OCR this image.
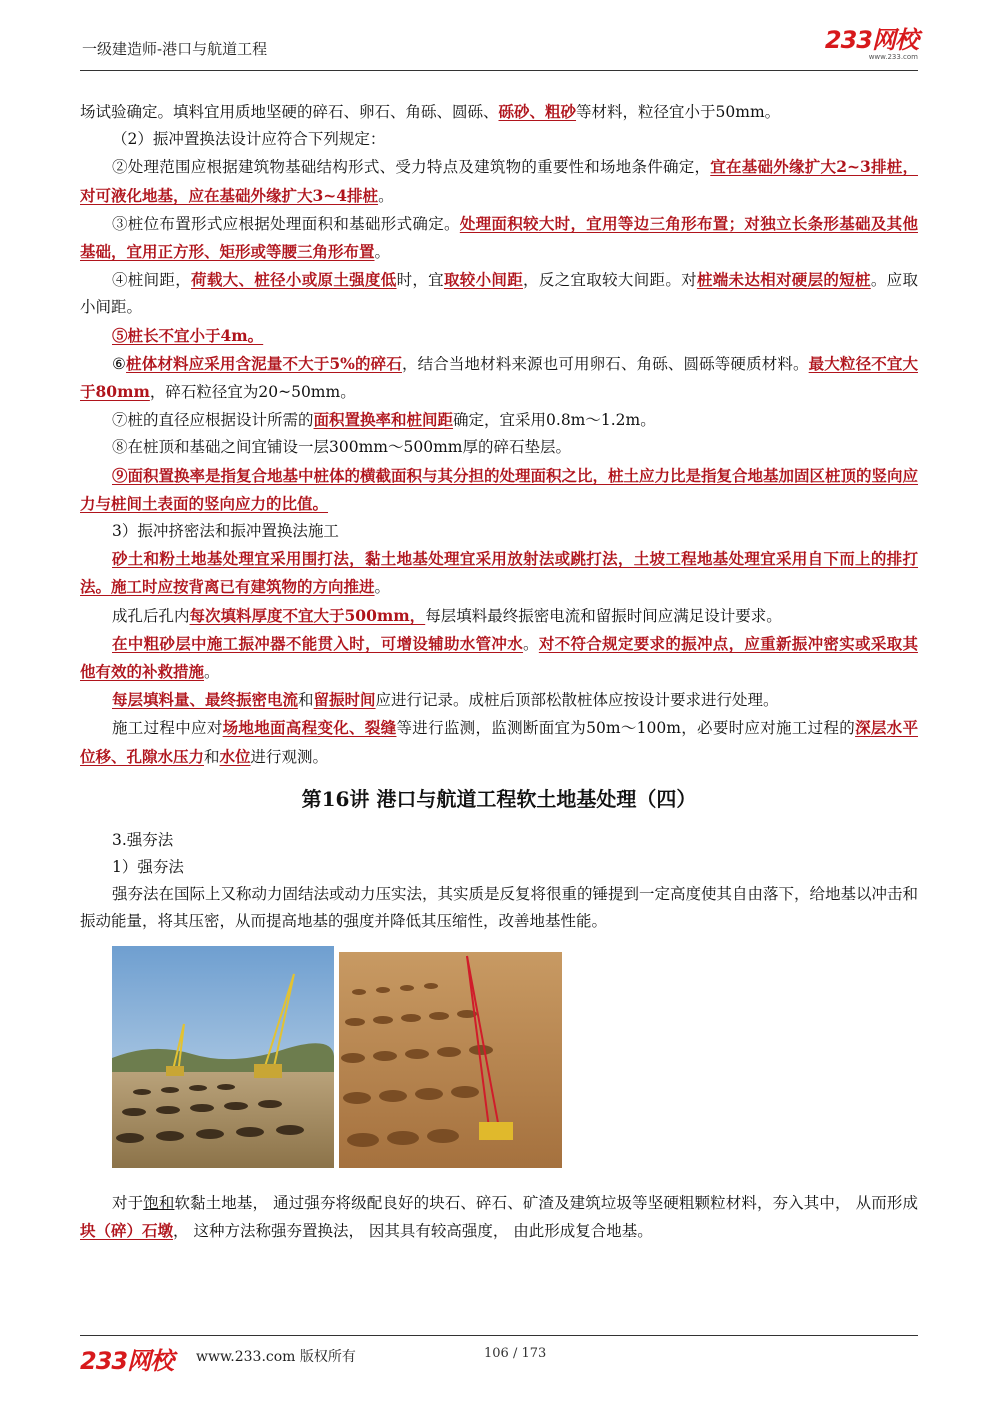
一级建造师-港口与航道工程	233网校
www.233.com

场试验确定。填料宜用质地坚硬的碎石、卵石、角砾、圆砾、砾砂、粗砂等材料，粒径宜小于50mm。

（2）振冲置换法设计应符合下列规定：

②处理范围应根据建筑物基础结构形式、受力特点及建筑物的重要性和场地条件确定，宜在基础外缘扩大2~3排桩，对可液化地基，应在基础外缘扩大3~4排桩。

③桩位布置形式应根据处理面积和基础形式确定。处理面积较大时，宜用等边三角形布置；对独立长条形基础及其他基础，宜用正方形、矩形或等腰三角形布置。

④桩间距，荷载大、桩径小或原土强度低时，宜取较小间距，反之宜取较大间距。对桩端未达相对硬层的短桩。应取小间距。

⑤桩长不宜小于4m。

⑥桩体材料应采用含泥量不大于5%的碎石，结合当地材料来源也可用卵石、角砾、圆砾等硬质材料。最大粒径不宜大于80mm，碎石粒径宜为20~50mm。

⑦桩的直径应根据设计所需的面积置换率和桩间距确定，宜采用0.8m～1.2m。

⑧在桩顶和基础之间宜铺设一层300mm～500mm厚的碎石垫层。

⑨面积置换率是指复合地基中桩体的横截面积与其分担的处理面积之比，桩土应力比是指复合地基加固区桩顶的竖向应力与桩间土表面的竖向应力的比值。

3）振冲挤密法和振冲置换法施工

砂土和粉土地基处理宜采用围打法，黏土地基处理宜采用放射法或跳打法，土坡工程地基处理宜采用自下而上的排打法。施工时应按背离已有建筑物的方向推进。

成孔后孔内每次填料厚度不宜大于500mm，每层填料最终振密电流和留振时间应满足设计要求。

在中粗砂层中施工振冲器不能贯入时，可增设辅助水管冲水。对不符合规定要求的振冲点，应重新振冲密实或采取其他有效的补救措施。

每层填料量、最终振密电流和留振时间应进行记录。成桩后顶部松散桩体应按设计要求进行处理。

施工过程中应对场地地面高程变化、裂缝等进行监测，监测断面宜为50m～100m，必要时应对施工过程的深层水平位移、孔隙水压力和水位进行观测。

第16讲 港口与航道工程软土地基处理（四）

3.强夯法

1）强夯法

强夯法在国际上又称动力固结法或动力压实法，其实质是反复将很重的锤提到一定高度使其自由落下，给地基以冲击和振动能量，将其压密，从而提高地基的强度并降低其压缩性，改善地基性能。

对于饱和软黏土地基， 通过强夯将级配良好的块石、碎石、矿渣及建筑垃圾等坚硬粗颗粒材料，夯入其中， 从而形成块（碎）石墩， 这种方法称强夯置换法， 因其具有较高强度， 由此形成复合地基。

233网校 www.233.com 版权所有	106 / 173
